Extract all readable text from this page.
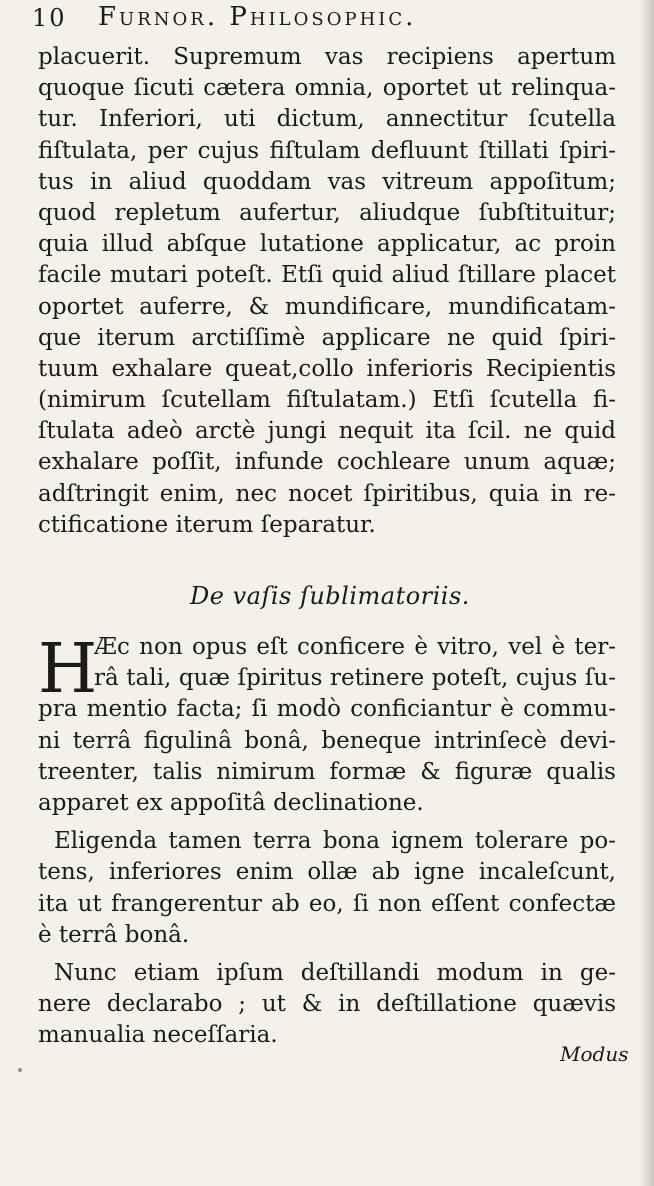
10 Furnor. Philosophic.
placuerit. Supremum vas recipiens apertum
quoque ſicuti cætera omnia, oportet ut relinqua-
tur. Inferiori, uti dictum, annectitur ſcutella
fiſtulata, per cujus fiſtulam defluunt ſtillati ſpiri-
tus in aliud quoddam vas vitreum appoſitum;
quod repletum aufertur, aliudque ſubſtituitur;
quia illud abſque lutatione applicatur, ac proin
facile mutari poteſt. Etſi quid aliud ſtillare placet
oportet auferre, & mundificare, mundificatam-
que iterum arctiſſimè applicare ne quid ſpiri-
tuum exhalare queat,collo inferioris Recipientis
(nimirum ſcutellam fiſtulatam.) Etſi ſcutella fi-
ſtulata adeò arctè jungi nequit ita ſcil. ne quid
exhalare poſſit, infunde cochleare unum aquæ;
adſtringit enim, nec nocet ſpiritibus, quia in re-
ctificatione iterum ſeparatur.
De vaſis ſublimatoriis.
H
Æc non opus eſt conficere è vitro, vel è ter-
râ tali, quæ ſpiritus retinere poteſt, cujus ſu-
pra mentio facta; ſi modò conficiantur è commu-
ni terrâ figulinâ bonâ, beneque intrinſecè devi-
treenter, talis nimirum formæ & figuræ qualis
apparet ex appoſitâ declinatione.
Eligenda tamen terra bona ignem tolerare po-
tens, inferiores enim ollæ ab igne incaleſcunt,
ita ut frangerentur ab eo, ſi non eſſent confectæ
è terrâ bonâ.
Nunc etiam ipſum deſtillandi modum in ge-
nere declarabo ; ut & in deſtillatione quævis
manualia neceſſaria.
Modus
